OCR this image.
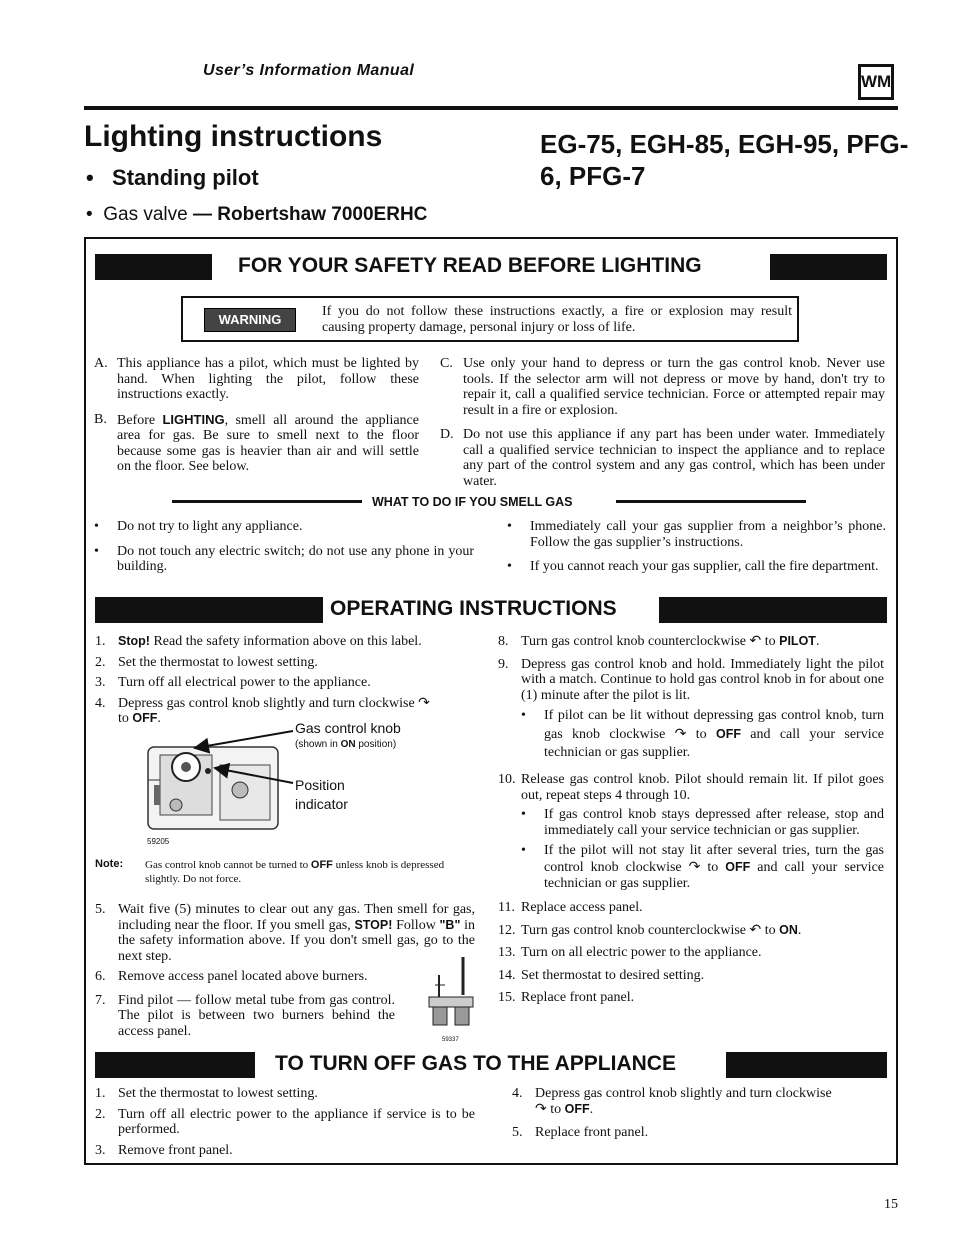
User’s Information Manual
WM
Lighting instructions	EG-75, EGH-85, EGH-95, PFG-6, PFG-7
•   Standing pilot
•  Gas valve — Robertshaw 7000ERHC
FOR YOUR SAFETY READ BEFORE LIGHTING
WARNING
If you do not follow these instructions exactly, a fire or explosion may result causing property damage, personal injury or loss of life.
A. This appliance has a pilot, which must be lighted by hand. When lighting the pilot, follow these instructions exactly.
B. Before LIGHTING, smell all around the appliance area for gas. Be sure to smell next to the floor because some gas is heavier than air and will settle on the floor. See below.
C. Use only your hand to depress or turn the gas control knob. Never use tools. If the selector arm will not depress or move by hand, don't try to repair it, call a qualified service technician. Force or attempted repair may result in a fire or explosion.
D. Do not use this appliance if any part has been under water. Immediately call a qualified service technician to inspect the appliance and to replace any part of the control system and any gas control, which has been under water.
WHAT TO DO IF YOU SMELL GAS
• Do not try to light any appliance.
• Do not touch any electric switch; do not use any phone in your building.
• Immediately call your gas supplier from a neighbor’s phone. Follow the gas supplier’s instructions.
• If you cannot reach your gas supplier, call the fire department.
OPERATING INSTRUCTIONS
1. Stop! Read the safety information above on this label.
2. Set the thermostat to lowest setting.
3. Turn off all electrical power to the appliance.
4. Depress gas control knob slightly and turn clockwise ↷
to OFF.
Gas control knob
(shown in ON position)
Position indicator
59205
Note: Gas control knob cannot be turned to OFF unless knob is depressed slightly. Do not force.
5. Wait five (5) minutes to clear out any gas. Then smell for gas, including near the floor. If you smell gas, STOP! Follow "B" in the safety information above. If you don't smell gas, go to the next step.
6. Remove access panel located above burners.
7. Find pilot — follow metal tube from gas control. The pilot is between two burners behind the access panel.
59337
8. Turn gas control knob counterclockwise ↶ to PILOT.
9. Depress gas control knob and hold. Immediately light the pilot with a match. Continue to hold gas control knob in for about one (1) minute after the pilot is lit.
• If pilot can be lit without depressing gas control knob, turn gas knob clockwise ↷ to OFF and call your service technician or gas supplier.
10. Release gas control knob. Pilot should remain lit. If pilot goes out, repeat steps 4 through 10.
• If gas control knob stays depressed after release, stop and immediately call your service technician or gas supplier.
• If the pilot will not stay lit after several tries, turn the gas control knob clockwise ↷ to OFF and call your service technician or gas supplier.
11. Replace access panel.
12. Turn gas control knob counterclockwise ↶ to ON.
13. Turn on all electric power to the appliance.
14. Set thermostat to desired setting.
15. Replace front panel.
TO TURN OFF GAS TO THE APPLIANCE
1. Set the thermostat to lowest setting.
2. Turn off all electric power to the appliance if service is to be performed.
3. Remove front panel.
4. Depress gas control knob slightly and turn clockwise
↷ to OFF.
5. Replace front panel.
15
